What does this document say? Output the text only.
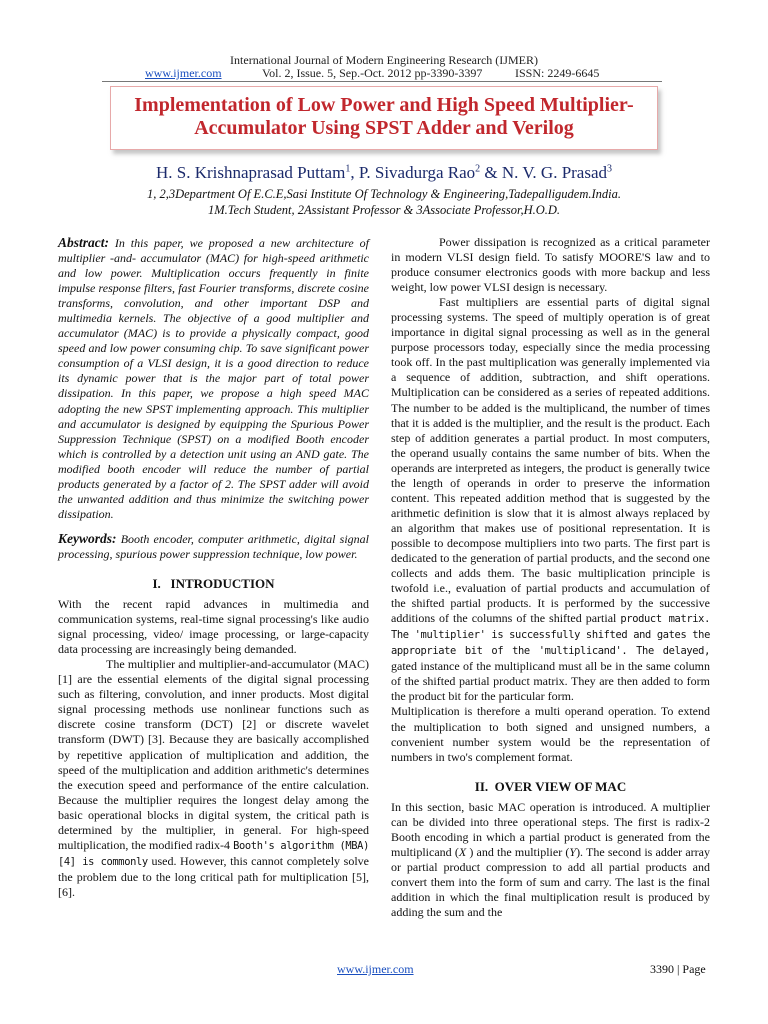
International Journal of Modern Engineering Research (IJMER)
www.ijmer.com	Vol. 2, Issue. 5, Sep.-Oct. 2012 pp-3390-3397	ISSN: 2249-6645
Implementation of Low Power and High Speed Multiplier-
Accumulator Using SPST Adder and Verilog
H. S. Krishnaprasad Puttam$^1$, P. Sivadurga Rao$^2$ & N. V. G. Prasad$^3$
1, 2,3Department Of E.C.E,Sasi Institute Of Technology & Engineering,Tadepalligudem.India.
1M.Tech Student, 2Assistant Professor & 3Associate Professor,H.O.D.

Abstract: In this paper, we proposed a new architecture of multiplier -and- accumulator (MAC) for high-speed arithmetic and low power. Multiplication occurs frequently in finite impulse response filters, fast Fourier transforms, discrete cosine transforms, convolution, and other important DSP and multimedia kernels. The objective of a good multiplier and accumulator (MAC) is to provide a physically compact, good speed and low power consuming chip. To save significant power consumption of a VLSI design, it is a good direction to reduce its dynamic power that is the major part of total power dissipation. In this paper, we propose a high speed MAC adopting the new SPST implementing approach. This multiplier and accumulator is designed by equipping the Spurious Power Suppression Technique (SPST) on a modified Booth encoder which is controlled by a detection unit using an AND gate. The modified booth encoder will reduce the number of partial products generated by a factor of 2. The SPST adder will avoid the unwanted addition and thus minimize the switching power dissipation.

Keywords: Booth encoder, computer arithmetic, digital signal processing, spurious power suppression technique, low power.

I.   INTRODUCTION

With the recent rapid advances in multimedia and communication systems, real-time signal processing's like audio signal processing, video/ image processing, or large-capacity data processing are increasingly being demanded.

The multiplier and multiplier-and-accumulator (MAC) [1] are the essential elements of the digital signal processing such as filtering, convolution, and inner products. Most digital signal processing methods use nonlinear functions such as discrete cosine transform (DCT) [2] or discrete wavelet transform (DWT) [3]. Because they are basically accomplished by repetitive application of multiplication and addition, the speed of the multiplication and addition arithmetic's determines the execution speed and performance of the entire calculation. Because the multiplier requires the longest delay among the basic operational blocks in digital system, the critical path is determined by the multiplier, in general. For high-speed multiplication, the modified radix-4 Booth's algorithm (MBA) [4] is commonly used. However, this cannot completely solve the problem due to the long critical path for multiplication [5], [6].

Power dissipation is recognized as a critical parameter in modern VLSI design field. To satisfy MOORE'S law and to produce consumer electronics goods with more backup and less weight, low power VLSI design is necessary.

Fast multipliers are essential parts of digital signal processing systems. The speed of multiply operation is of great importance in digital signal processing as well as in the general purpose processors today, especially since the media processing took off. In the past multiplication was generally implemented via a sequence of addition, subtraction, and shift operations. Multiplication can be considered as a series of repeated additions. The number to be added is the multiplicand, the number of times that it is added is the multiplier, and the result is the product. Each step of addition generates a partial product. In most computers, the operand usually contains the same number of bits. When the operands are interpreted as integers, the product is generally twice the length of operands in order to preserve the information content. This repeated addition method that is suggested by the arithmetic definition is slow that it is almost always replaced by an algorithm that makes use of positional representation. It is possible to decompose multipliers into two parts. The first part is dedicated to the generation of partial products, and the second one collects and adds them. The basic multiplication principle is twofold i.e., evaluation of partial products and accumulation of the shifted partial products. It is performed by the successive additions of the columns of the shifted partial product matrix. The 'multiplier' is successfully shifted and gates the appropriate bit of the 'multiplicand'. The delayed, gated instance of the multiplicand must all be in the same column of the shifted partial product matrix. They are then added to form the product bit for the particular form.

Multiplication is therefore a multi operand operation. To extend the multiplication to both signed and unsigned numbers, a convenient number system would be the representation of numbers in two's complement format.

II.  OVER VIEW OF MAC

In this section, basic MAC operation is introduced. A multiplier can be divided into three operational steps. The first is radix-2 Booth encoding in which a partial product is generated from the multiplicand (X ) and the multiplier (Y). The second is adder array or partial product compression to add all partial products and convert them into the form of sum and carry. The last is the final addition in which the final multiplication result is produced by adding the sum and the

www.ijmer.com	3390 | Page
